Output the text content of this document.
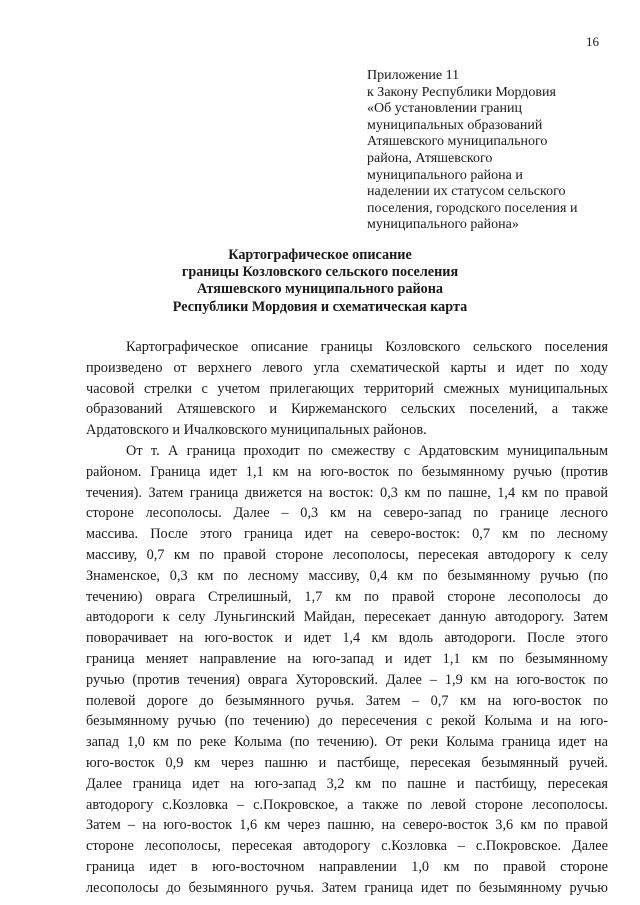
16
Приложение 11
к Закону Республики Мордовия
«Об установлении границ
муниципальных образований
Атяшевского муниципального
района, Атяшевского
муниципального района и
наделении их статусом сельского
поселения, городского поселения и
муниципального района»
Картографическое описание
границы Козловского сельского поселения
Атяшевского муниципального района
Республики Мордовия и схематическая карта
Картографическое описание границы Козловского сельского поселения
произведено от верхнего левого угла схематической карты и идет по ходу
часовой стрелки с учетом прилегающих территорий смежных муниципальных
образований Атяшевского и Киржеманского сельских поселений, а также
Ардатовского и Ичалковского муниципальных районов.
От т. А граница проходит по смежеству с Ардатовским муниципальным
районом. Граница идет 1,1 км на юго-восток по безымянному ручью (против
течения). Затем граница движется на восток: 0,3 км по пашне, 1,4 км по правой
стороне лесополосы. Далее – 0,3 км на северо-запад по границе лесного
массива. После этого граница идет на северо-восток: 0,7 км по лесному
массиву, 0,7 км по правой стороне лесополосы, пересекая автодорогу к селу
Знаменское, 0,3 км по лесному массиву, 0,4 км по безымянному ручью (по
течению) оврага Стрелишный, 1,7 км по правой стороне лесополосы до
автодороги к селу Луньгинский Майдан, пересекает данную автодорогу. Затем
поворачивает на юго-восток и идет 1,4 км вдоль автодороги. После этого
граница меняет направление на юго-запад и идет 1,1 км по безымянному
ручью (против течения) оврага Хуторовский. Далее – 1,9 км на юго-восток по
полевой дороге до безымянного ручья. Затем – 0,7 км на юго-восток по
безымянному ручью (по течению) до пересечения с рекой Колыма и на юго-
запад 1,0 км по реке Колыма (по течению). От реки Колыма граница идет на
юго-восток 0,9 км через пашню и пастбище, пересекая безымянный ручей.
Далее граница идет на юго-запад 3,2 км по пашне и пастбищу, пересекая
автодорогу с.Козловка – с.Покровское, а также по левой стороне лесополосы.
Затем – на юго-восток 1,6 км через пашню, на северо-восток 3,6 км по правой
стороне лесополосы, пересекая автодорогу с.Козловка – с.Покровское. Далее
граница идет в юго-восточном направлении 1,0 км по правой стороне
лесополосы до безымянного ручья. Затем граница идет по безымянному ручью
